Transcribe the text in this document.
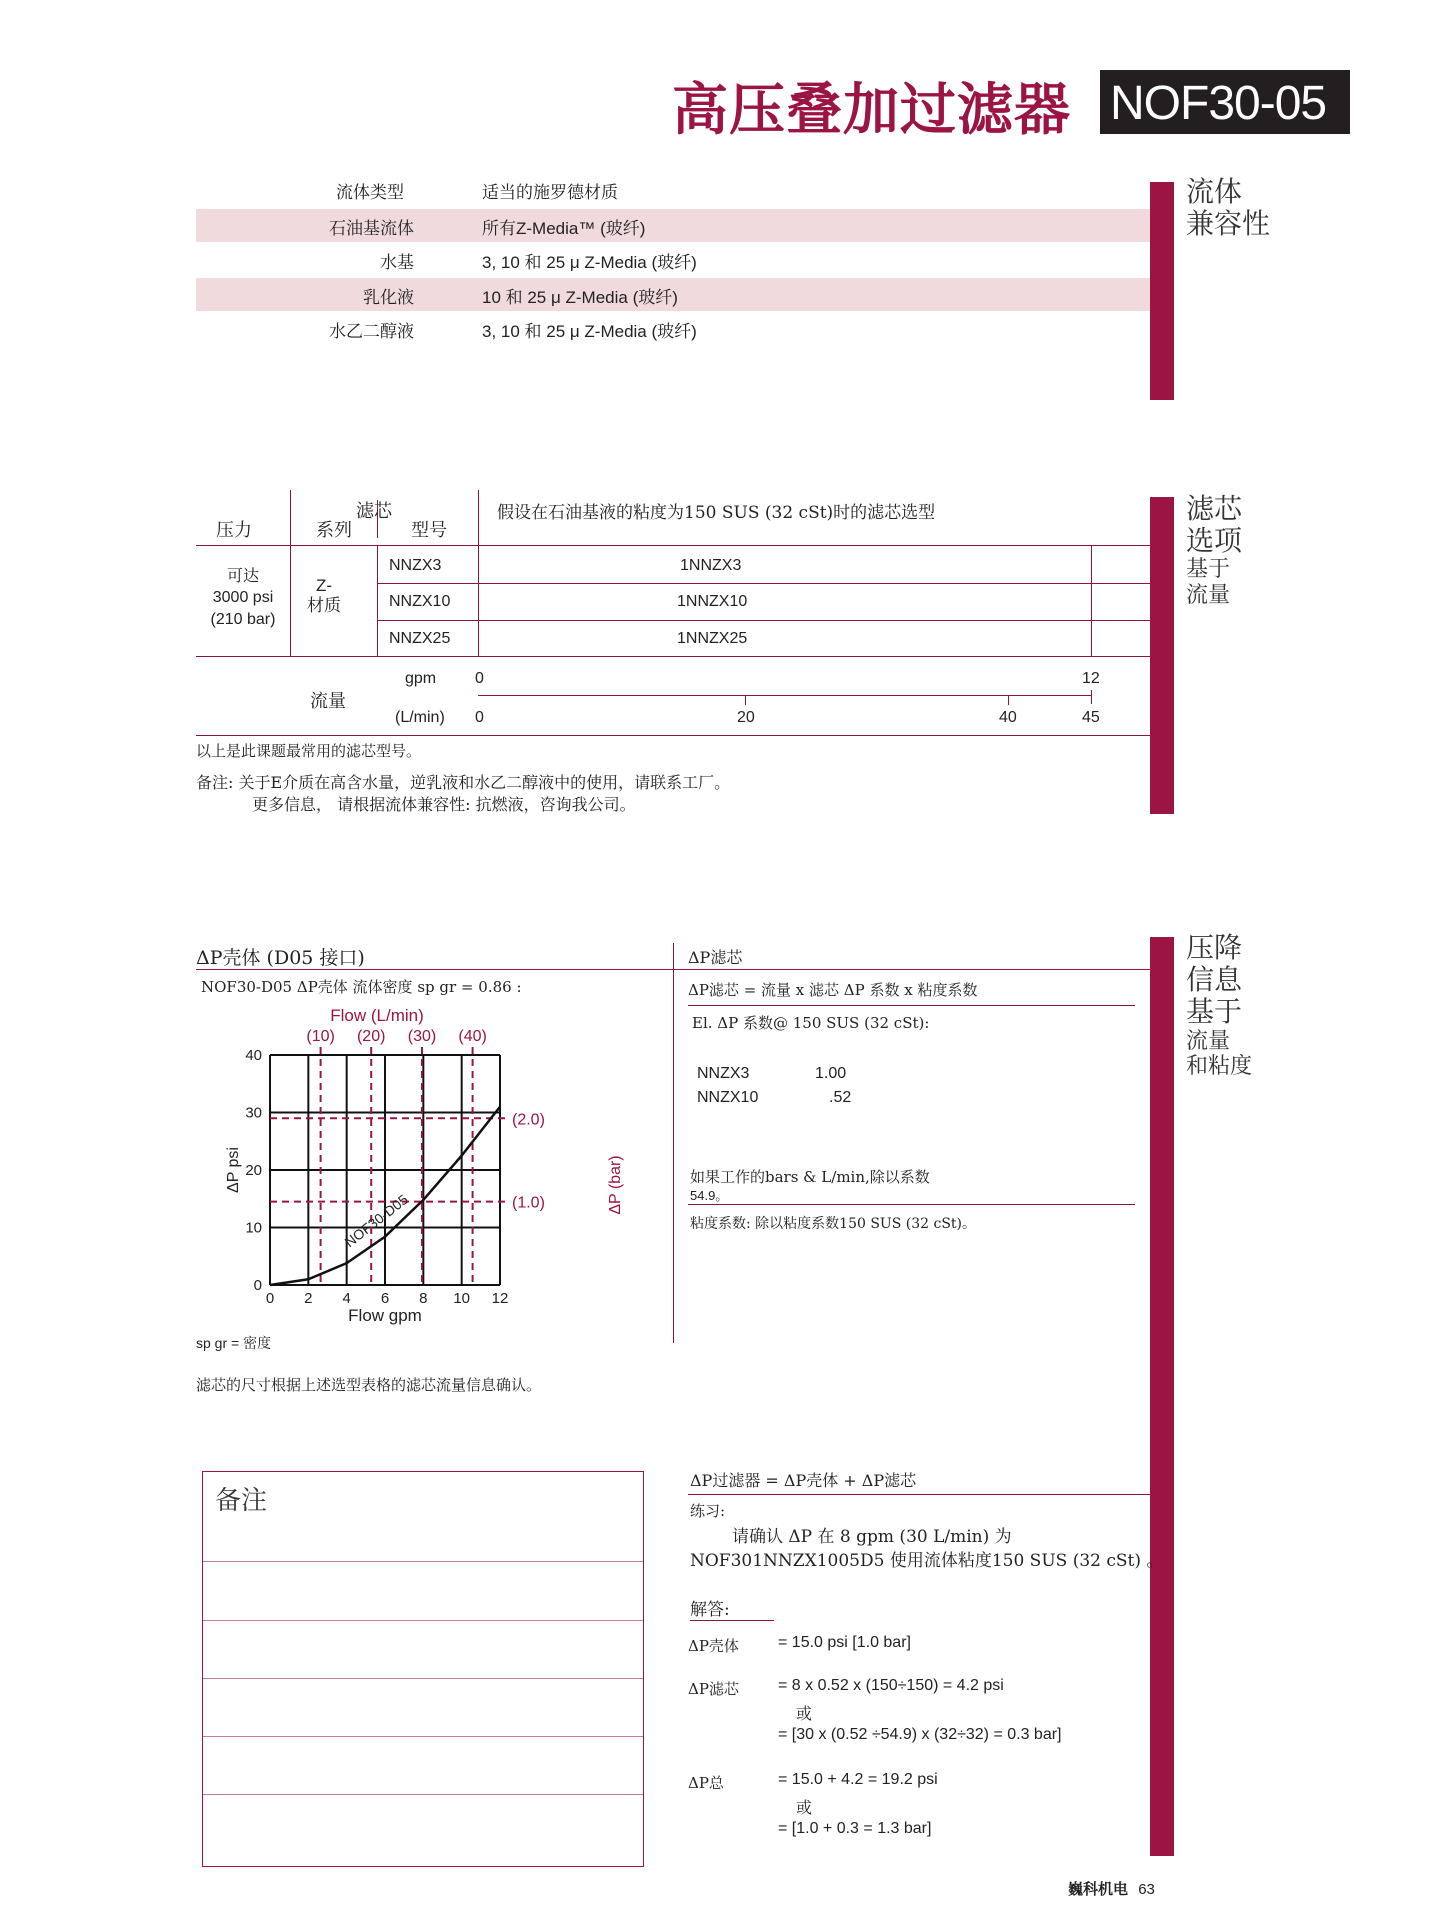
高压叠加过滤器 NOF30-05
流体
兼容性
流体类型	适当的施罗德材质
石油基流体	所有Z-Media™ (玻纤)
水基	3, 10 和 25 μ Z-Media (玻纤)
乳化液	10 和 25 μ Z-Media (玻纤)
水乙二醇液	3, 10 和 25 μ Z-Media (玻纤)
滤芯
选项
基于
流量
压力
滤芯
系列	型号
假设在石油基液的粘度为150 SUS (32 cSt)时的滤芯选型
可达
3000 psi
(210 bar)
Z-
材质
NNZX3	1NNZX3
NNZX10	1NNZX10
NNZX25	1NNZX25
流量
gpm
(L/min)
0	12
0	20	40	45
以上是此课题最常用的滤芯型号。
备注: 关于E介质在高含水量，逆乳液和水乙二醇液中的使用，请联系工厂。
更多信息， 请根据流体兼容性: 抗燃液，咨询我公司。
压降
信息
基于
流量
和粘度
ΔP壳体 (D05 接口)
NOF30-D05 ΔP壳体 流体密度 sp gr = 0.86 :
0 2 4 6 8 10 12
0
10
20
30
40
(10) (20) (30) (40)
(1.0)
(2.0)
Flow (L/min)
Flow gpm
ΔP psi	ΔP (bar)
NOF30-D05
sp gr = 密度
滤芯的尺寸根据上述选型表格的滤芯流量信息确认。
ΔP滤芯
ΔP滤芯 = 流量 x 滤芯 ΔP 系数 x 粘度系数
El. ΔP 系数@ 150 SUS (32 cSt):
NNZX3	1.00
NNZX10	.52
如果工作的bars & L/min,除以系数
54.9。
粘度系数: 除以粘度系数150 SUS (32 cSt)。
备注
ΔP过滤器 = ΔP壳体 + ΔP滤芯
练习:
请确认 ΔP 在 8 gpm (30 L/min) 为
NOF301NNZX1005D5 使用流体粘度150 SUS (32 cSt) 。
解答:
ΔP壳体 = 15.0 psi [1.0 bar]
ΔP滤芯 = 8 x 0.52 x (150÷150) = 4.2 psi
或
= [30 x (0.52 ÷54.9) x (32÷32) = 0.3 bar]
ΔP总	= 15.0 + 4.2 = 19.2 psi
或
= [1.0 + 0.3 = 1.3 bar]
巍科机电 63
